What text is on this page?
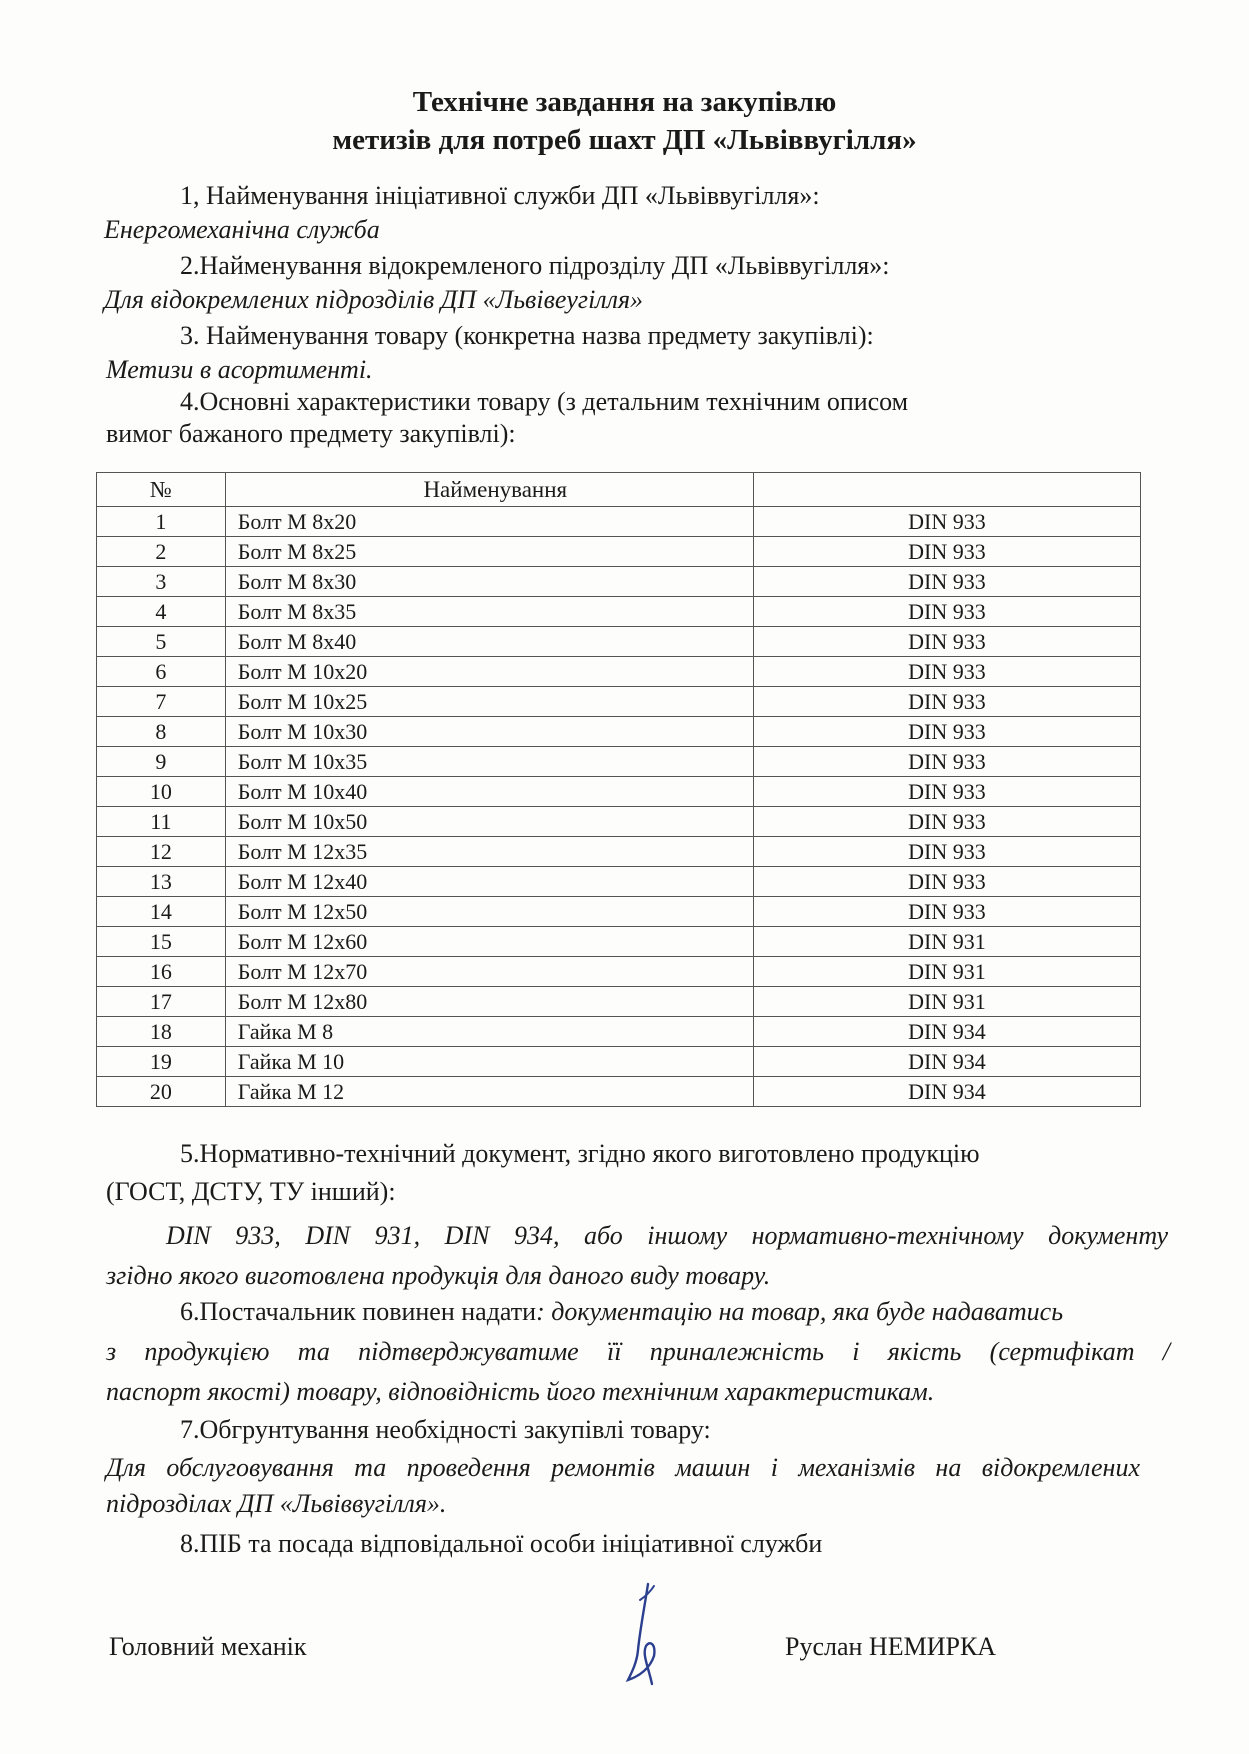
Технічне завдання на закупівлю
метизів для потреб шахт ДП «Львіввугілля»
1, Найменування ініціативної служби ДП «Львіввугілля»:
Енергомеханічна служба
2.Найменування відокремленого підрозділу ДП «Львіввугілля»:
Для відокремлених підрозділів ДП «Львівеугілля»
3. Найменування товару (конкретна назва предмету закупівлі):
Метизи в асортименті.
4.Основні характеристики товару (з детальним технічним описом
вимог бажаного предмету закупівлі):
№	Найменування	
1	Болт М 8х20	DIN 933
2	Болт М 8х25	DIN 933
3	Болт М 8х30	DIN 933
4	Болт М 8х35	DIN 933
5	Болт М 8х40	DIN 933
6	Болт М 10х20	DIN 933
7	Болт М 10х25	DIN 933
8	Болт М 10х30	DIN 933
9	Болт М 10х35	DIN 933
10	Болт М 10х40	DIN 933
11	Болт М 10х50	DIN 933
12	Болт М 12х35	DIN 933
13	Болт М 12х40	DIN 933
14	Болт М 12х50	DIN 933
15	Болт М 12х60	DIN 931
16	Болт М 12х70	DIN 931
17	Болт М 12х80	DIN 931
18	Гайка М 8	DIN 934
19	Гайка М 10	DIN 934
20	Гайка М 12	DIN 934
5.Нормативно-технічний документ, згідно якого виготовлено продукцію
(ГОСТ, ДСТУ, ТУ інший):
DIN 933, DIN 931, DIN 934, або іншому нормативно-технічному документу
згідно якого виготовлена продукція для даного виду товару.
6.Постачальник повинен надати: документацію на товар, яка буде надаватись
з продукцією та підтверджуватиме її приналежність і якість (сертифікат /
паспорт якості) товару, відповідність його технічним характеристикам.
7.Обгрунтування необхідності закупівлі товару:
Для обслуговування та проведення ремонтів машин і механізмів на відокремлених
підрозділах ДП «Львіввугілля».
8.ПІБ та посада відповідальної особи ініціативної служби
Головний механік	Руслан НЕМИРКА
